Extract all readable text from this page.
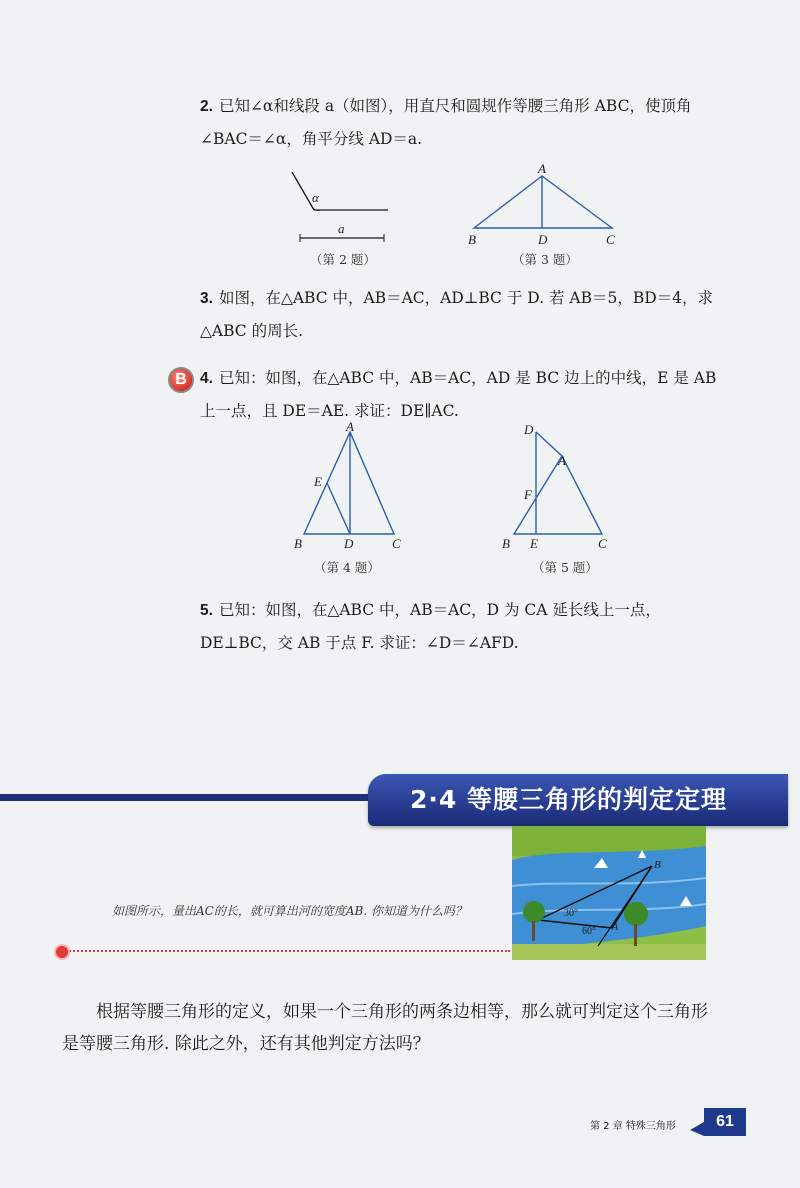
2. 已知∠α和线段 a（如图），用直尺和圆规作等腰三角形 ABC，使顶角∠BAC＝∠α，角平分线 AD＝a.
α
a
（第 2 题）
A
B	D	C
（第 3 题）
3. 如图，在△ABC 中，AB＝AC，AD⊥BC 于 D. 若 AB＝5，BD＝4，求△ABC 的周长.
B 4. 已知：如图，在△ABC 中，AB＝AC，AD 是 BC 边上的中线，E 是 AB 上一点，且 DE＝AE. 求证：DE∥AC.
A
E
B	D	C
（第 4 题）
D
A
F
B E	C
（第 5 题）
5. 已知：如图，在△ABC 中，AB＝AC，D 为 CA 延长线上一点，DE⊥BC，交 AB 于点 F. 求证：∠D＝∠AFD.
2·4 等腰三角形的判定定理
B
A
30°
60°
如图所示，量出AC的长，就可算出河的宽度AB. 你知道为什么吗？
根据等腰三角形的定义，如果一个三角形的两条边相等，那么就可判定这个三角形是等腰三角形. 除此之外，还有其他判定方法吗？
第 2 章 特殊三角形	61
